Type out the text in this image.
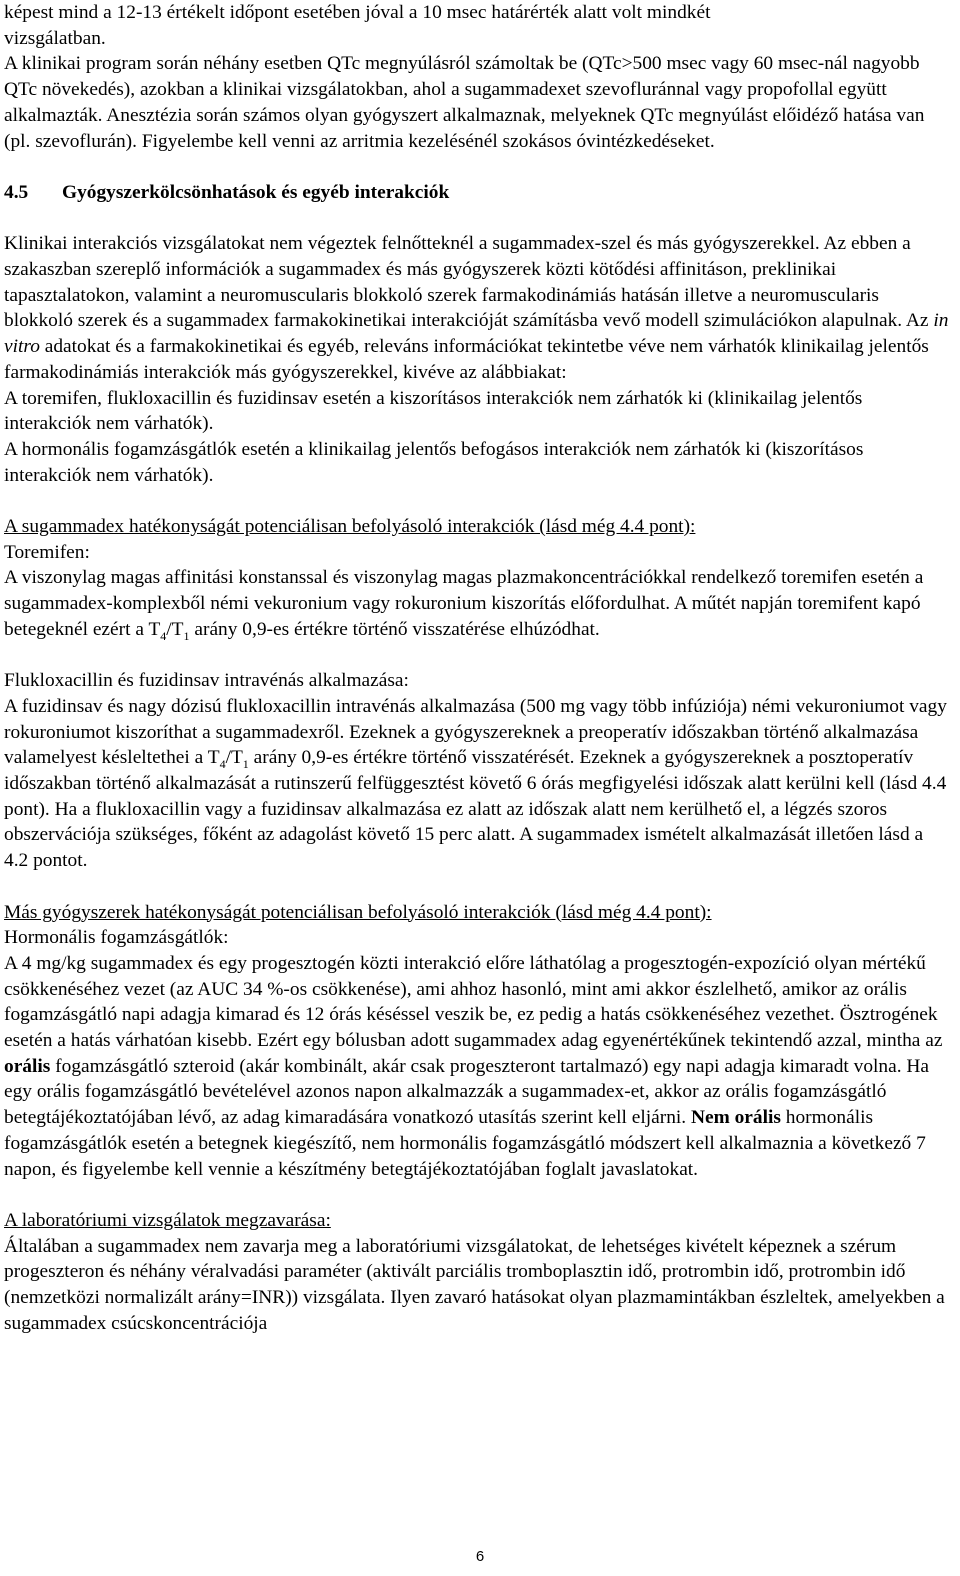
képest mind a 12-13 értékelt időpont esetében jóval a 10 msec határérték alatt volt mindkét
vizsgálatban.

A klinikai program során néhány esetben QTc megnyúlásról számoltak be (QTc>500 msec vagy 60 msec-nál nagyobb QTc növekedés), azokban a klinikai vizsgálatokban, ahol a sugammadexet szevofluránnal vagy propofollal együtt alkalmazták. Anesztézia során számos olyan gyógyszert alkalmaznak, melyeknek QTc megnyúlást előidéző hatása van (pl. szevoflurán). Figyelembe kell venni az arritmia kezelésénél szokásos óvintézkedéseket.

4.5 Gyógyszerkölcsönhatások és egyéb interakciók

Klinikai interakciós vizsgálatokat nem végeztek felnőtteknél a sugammadex-szel és más gyógyszerekkel. Az ebben a szakaszban szereplő információk a sugammadex és más gyógyszerek közti kötődési affinitáson, preklinikai tapasztalatokon, valamint a neuromuscularis blokkoló szerek farmakodinámiás hatásán illetve a neuromuscularis blokkoló szerek és a sugammadex farmakokinetikai interakcióját számításba vevő modell szimulációkon alapulnak. Az in vitro adatokat és a farmakokinetikai és egyéb, releváns információkat tekintetbe véve nem várhatók klinikailag jelentős farmakodinámiás interakciók más gyógyszerekkel, kivéve az alábbiakat:

A toremifen, flukloxacillin és fuzidinsav esetén a kiszorításos interakciók nem zárhatók ki (klinikailag jelentős interakciók nem várhatók).

A hormonális fogamzásgátlók esetén a klinikailag jelentős befogásos interakciók nem zárhatók ki (kiszorításos interakciók nem várhatók).

A sugammadex hatékonyságát potenciálisan befolyásoló interakciók (lásd még 4.4 pont):

Toremifen:

A viszonylag magas affinitási konstanssal és viszonylag magas plazmakoncentrációkkal rendelkező toremifen esetén a sugammadex-komplexből némi vekuronium vagy rokuronium kiszorítás előfordulhat. A műtét napján toremifent kapó betegeknél ezért a $T_4/T_1$ arány 0,9-es értékre történő visszatérése elhúzódhat.

Flukloxacillin és fuzidinsav intravénás alkalmazása:

A fuzidinsav és nagy dózisú flukloxacillin intravénás alkalmazása (500 mg vagy több infúziója) némi vekuroniumot vagy rokuroniumot kiszoríthat a sugammadexről. Ezeknek a gyógyszereknek a preoperatív időszakban történő alkalmazása valamelyest késleltethei a $T_4/T_1$ arány 0,9-es értékre történő visszatérését. Ezeknek a gyógyszereknek a posztoperatív időszakban történő alkalmazását a rutinszerű felfüggesztést követő 6 órás megfigyelési időszak alatt kerülni kell (lásd 4.4 pont). Ha a flukloxacillin vagy a fuzidinsav alkalmazása ez alatt az időszak alatt nem kerülhető el, a légzés szoros obszervációja szükséges, főként az adagolást követő 15 perc alatt. A sugammadex ismételt alkalmazását illetően lásd a 4.2 pontot.

Más gyógyszerek hatékonyságát potenciálisan befolyásoló interakciók (lásd még 4.4 pont):

Hormonális fogamzásgátlók:

A 4 mg/kg sugammadex és egy progesztogén közti interakció előre láthatólag a progesztogén-expozíció olyan mértékű csökkenéséhez vezet (az AUC 34 %-os csökkenése), ami ahhoz hasonló, mint ami akkor észlelhető, amikor az orális fogamzásgátló napi adagja kimarad és 12 órás késéssel veszik be, ez pedig a hatás csökkenéséhez vezethet. Ösztrogének esetén a hatás várhatóan kisebb. Ezért egy bólusban adott sugammadex adag egyenértékűnek tekintendő azzal, mintha az orális fogamzásgátló szteroid (akár kombinált, akár csak progeszteront tartalmazó) egy napi adagja kimaradt volna. Ha egy orális fogamzásgátló bevételével azonos napon alkalmazzák a sugammadex-et, akkor az orális fogamzásgátló betegtájékoztatójában lévő, az adag kimaradására vonatkozó utasítás szerint kell eljárni. Nem orális hormonális fogamzásgátlók esetén a betegnek kiegészítő, nem hormonális fogamzásgátló módszert kell alkalmaznia a következő 7 napon, és figyelembe kell vennie a készítmény betegtájékoztatójában foglalt javaslatokat.

A laboratóriumi vizsgálatok megzavarása:

Általában a sugammadex nem zavarja meg a laboratóriumi vizsgálatokat, de lehetséges kivételt képeznek a szérum progeszteron és néhány véralvadási paraméter (aktivált parciális tromboplasztin idő, protrombin idő, protrombin idő (nemzetközi normalizált arány=INR)) vizsgálata. Ilyen zavaró hatásokat olyan plazmamintákban észleltek, amelyekben a sugammadex csúcskoncentrációja

6
